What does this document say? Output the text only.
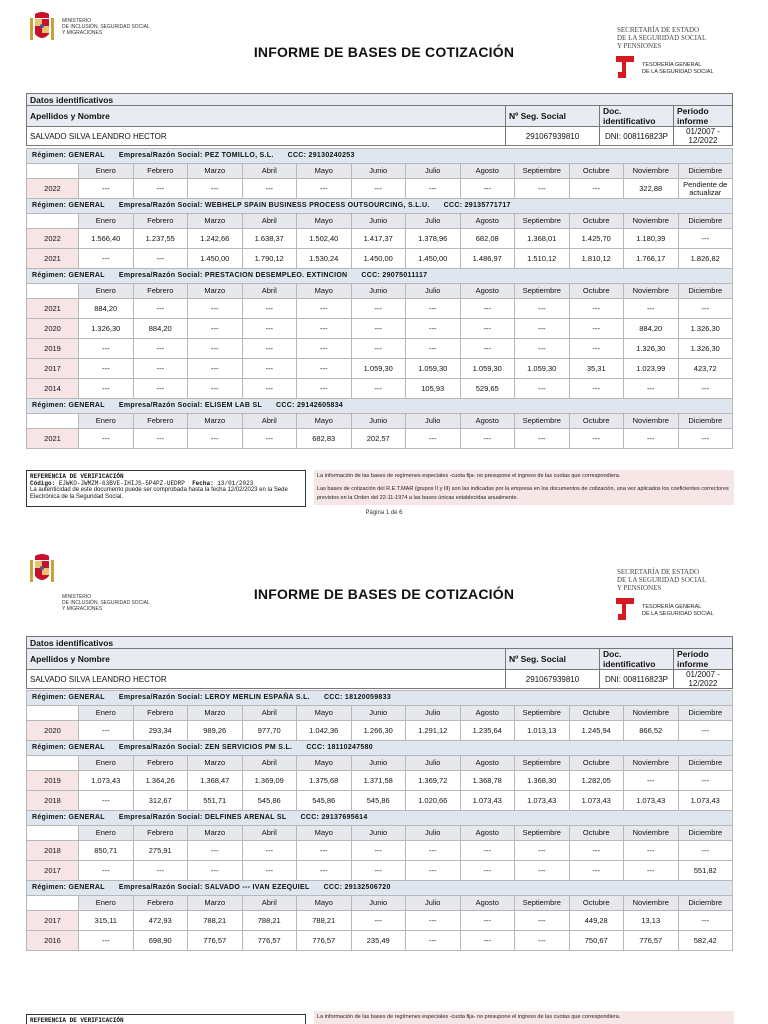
MINISTERIO
DE INCLUSIÓN, SEGURIDAD SOCIAL
Y MIGRACIONES
INFORME DE BASES DE COTIZACIÓN
SECRETARÍA DE ESTADO
DE LA SEGURIDAD SOCIAL
Y PENSIONES
TESORERÍA GENERAL
DE LA SEGURIDAD SOCIAL
Datos identificativos			
Apellidos y Nombre	Nº Seg. Social	Doc. identificativo	Periodo informe
SALVADO SILVA LEANDRO HECTOR	291067939810	DNI: 008116823P	01/2007 - 12/2022
Régimen: GENERAL Empresa/Razón Social: PEZ TOMILLO, S.L. CCC: 29130240253												
	Enero	Febrero	Marzo	Abril	Mayo	Junio	Julio	Agosto	Septiembre	Octubre	Noviembre	Diciembre
2022	---	---	---	---	---	---	---	---	---	---	322,88	Pendiente de actualizar
Régimen: GENERAL Empresa/Razón Social: WEBHELP SPAIN BUSINESS PROCESS OUTSOURCING, S.L.U. CCC: 29135771717												
	Enero	Febrero	Marzo	Abril	Mayo	Junio	Julio	Agosto	Septiembre	Octubre	Noviembre	Diciembre
2022	1.566,40	1.237,55	1.242,66	1.638,37	1.502,40	1.417,37	1.378,96	682,08	1.368,01	1.425,70	1.180,39	---
2021	---	---	1.450,00	1.790,12	1.530,24	1.450,00	1.450,00	1.486,97	1.510,12	1.810,12	1.766,17	1.826,82
Régimen: GENERAL Empresa/Razón Social: PRESTACION DESEMPLEO. EXTINCION CCC: 29075011117												
	Enero	Febrero	Marzo	Abril	Mayo	Junio	Julio	Agosto	Septiembre	Octubre	Noviembre	Diciembre
2021	884,20	---	---	---	---	---	---	---	---	---	---	---
2020	1.326,30	884,20	---	---	---	---	---	---	---	---	884,20	1.326,30
2019	---	---	---	---	---	---	---	---	---	---	1.326,30	1.326,30
2017	---	---	---	---	---	1.059,30	1.059,30	1.059,30	1.059,30	35,31	1.023,99	423,72
2014	---	---	---	---	---	---	105,93	529,65	---	---	---	---
Régimen: GENERAL Empresa/Razón Social: ELISEM LAB SL CCC: 29142605834												
	Enero	Febrero	Marzo	Abril	Mayo	Junio	Julio	Agosto	Septiembre	Octubre	Noviembre	Diciembre
2021	---	---	---	---	682,83	202,57	---	---	---	---	---	---
REFERENCIA DE VERIFICACIÓN
Código: EJWKO-JWMZM-63BVE-IHIJS-5P4PZ-UEDRP Fecha: 13/01/2023
La autenticidad de este documento puede ser comprobada hasta la fecha 12/02/2023 en la Sede Electrónica de la Seguridad Social.
La información de las bases de regímenes especiales -cuota fija- no presupone el ingreso de las cuotas que correspondiera.
Las bases de cotización del R.E.T.MAR (grupos II y III) son las indicadas por la empresa en los documentos de cotización, una vez aplicados los coeficientes correctores previstos en la Orden del 22-11-1974 a las bases únicas establecidas anualmente.
Página 1 de 6
MINISTERIO
DE INCLUSIÓN, SEGURIDAD SOCIAL
Y MIGRACIONES
INFORME DE BASES DE COTIZACIÓN
SECRETARÍA DE ESTADO
DE LA SEGURIDAD SOCIAL
Y PENSIONES
TESORERÍA GENERAL
DE LA SEGURIDAD SOCIAL
Datos identificativos			
Apellidos y Nombre	Nº Seg. Social	Doc. identificativo	Periodo informe
SALVADO SILVA LEANDRO HECTOR	291067939810	DNI: 008116823P	01/2007 - 12/2022
Régimen: GENERAL Empresa/Razón Social: LEROY MERLIN ESPAÑA S.L. CCC: 18120059833												
	Enero	Febrero	Marzo	Abril	Mayo	Junio	Julio	Agosto	Septiembre	Octubre	Noviembre	Diciembre
2020	---	293,34	989,26	977,70	1.042,36	1.266,30	1.291,12	1.235,64	1.013,13	1.245,94	866,52	---
Régimen: GENERAL Empresa/Razón Social: ZEN SERVICIOS PM S.L. CCC: 18110247580												
	Enero	Febrero	Marzo	Abril	Mayo	Junio	Julio	Agosto	Septiembre	Octubre	Noviembre	Diciembre
2019	1.073,43	1.364,26	1.368,47	1.369,09	1.375,68	1.371,58	1.369,72	1.368,78	1.368,30	1.282,05	---	---
2018	---	312,67	551,71	545,86	545,86	545,86	1.020,66	1.073,43	1.073,43	1.073,43	1.073,43	1.073,43
Régimen: GENERAL Empresa/Razón Social: DELFINES ARENAL SL CCC: 29137695614												
	Enero	Febrero	Marzo	Abril	Mayo	Junio	Julio	Agosto	Septiembre	Octubre	Noviembre	Diciembre
2018	850,71	275,91	---	---	---	---	---	---	---	---	---	---
2017	---	---	---	---	---	---	---	---	---	---	---	551,82
Régimen: GENERAL Empresa/Razón Social: SALVADO --- IVAN EZEQUIEL CCC: 29132506720												
	Enero	Febrero	Marzo	Abril	Mayo	Junio	Julio	Agosto	Septiembre	Octubre	Noviembre	Diciembre
2017	315,11	472,93	788,21	788,21	788,21	---	---	---	---	449,28	13,13	---
2016	---	698,90	776,57	776,57	776,57	235,49	---	---	---	750,67	776,57	582,42
REFERENCIA DE VERIFICACIÓN	La información de las bases de regímenes especiales -cuota fija- no presupone el ingreso de las cuotas que correspondiera.
